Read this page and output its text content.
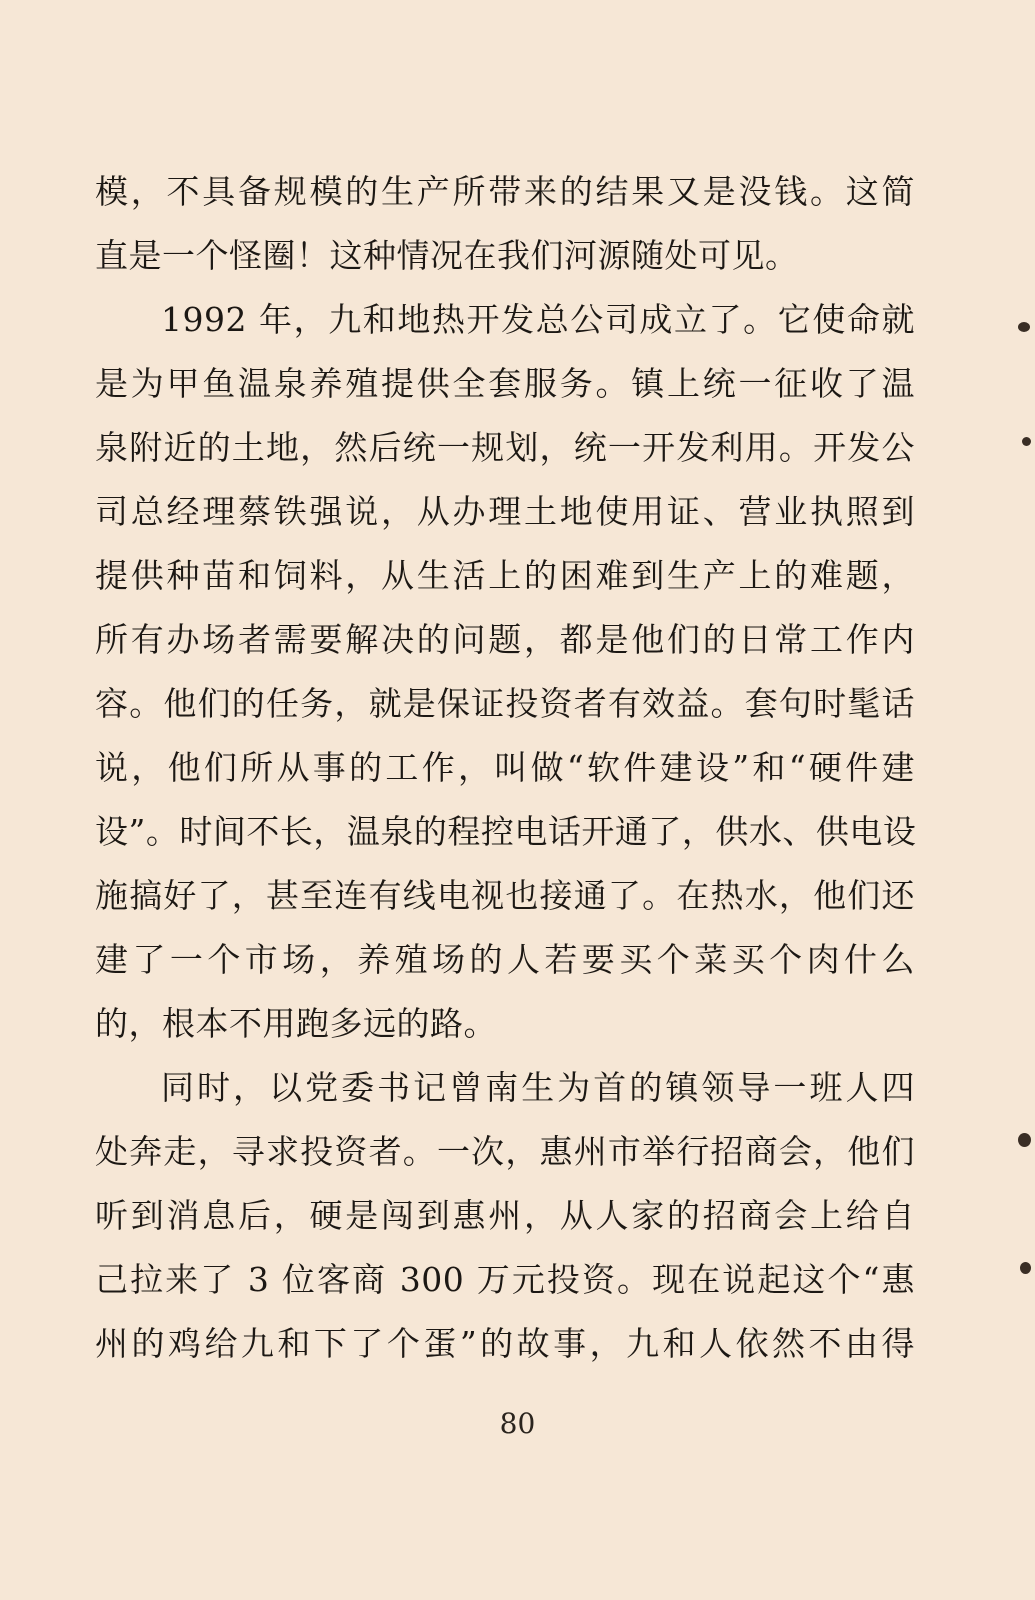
模，不具备规模的生产所带来的结果又是没钱。这简
直是一个怪圈！这种情况在我们河源随处可见。
1992 年，九和地热开发总公司成立了。它使命就
是为甲鱼温泉养殖提供全套服务。镇上统一征收了温
泉附近的土地，然后统一规划，统一开发利用。开发公
司总经理蔡铁强说，从办理土地使用证、营业执照到
提供种苗和饲料，从生活上的困难到生产上的难题，
所有办场者需要解决的问题，都是他们的日常工作内
容。他们的任务，就是保证投资者有效益。套句时髦话
说，他们所从事的工作，叫做“软件建设”和“硬件建
设”。时间不长，温泉的程控电话开通了，供水、供电设
施搞好了，甚至连有线电视也接通了。在热水，他们还
建了一个市场，养殖场的人若要买个菜买个肉什么
的，根本不用跑多远的路。
同时，以党委书记曾南生为首的镇领导一班人四
处奔走，寻求投资者。一次，惠州市举行招商会，他们
听到消息后，硬是闯到惠州，从人家的招商会上给自
己拉来了 3 位客商 300 万元投资。现在说起这个“惠
州的鸡给九和下了个蛋”的故事，九和人依然不由得
80
